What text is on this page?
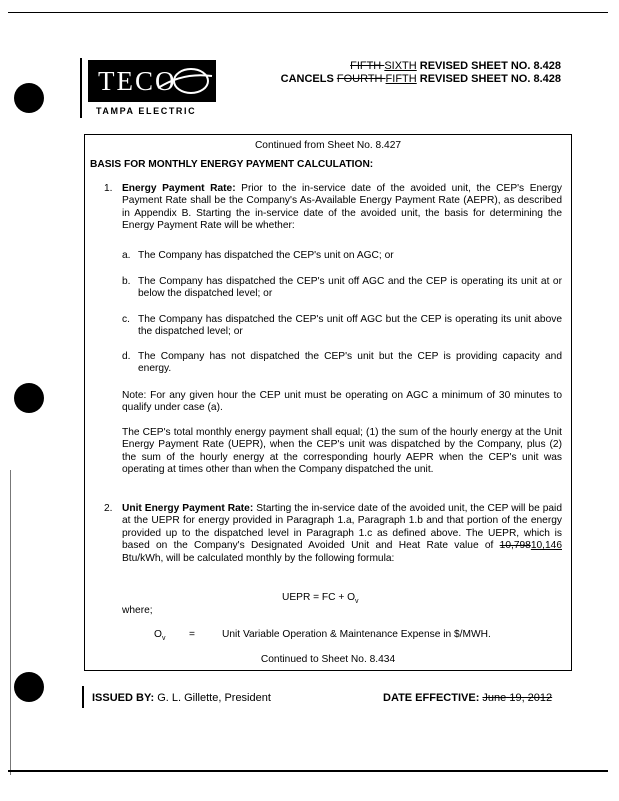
TECO
TAMPA ELECTRIC
FIFTH SIXTH REVISED SHEET NO. 8.428
CANCELS FOURTH FIFTH REVISED SHEET NO. 8.428
Continued from Sheet No. 8.427
BASIS FOR MONTHLY ENERGY PAYMENT CALCULATION:
1. Energy Payment Rate: Prior to the in-service date of the avoided unit, the CEP's Energy Payment Rate shall be the Company's As-Available Energy Payment Rate (AEPR), as described in Appendix B. Starting the in-service date of the avoided unit, the basis for determining the Energy Payment Rate will be whether:
a. The Company has dispatched the CEP's unit on AGC; or
b. The Company has dispatched the CEP's unit off AGC and the CEP is operating its unit at or below the dispatched level; or
c. The Company has dispatched the CEP's unit off AGC but the CEP is operating its unit above the dispatched level; or
d. The Company has not dispatched the CEP's unit but the CEP is providing capacity and energy.
Note: For any given hour the CEP unit must be operating on AGC a minimum of 30 minutes to qualify under case (a).
The CEP's total monthly energy payment shall equal; (1) the sum of the hourly energy at the Unit Energy Payment Rate (UEPR), when the CEP's unit was dispatched by the Company, plus (2) the sum of the hourly energy at the corresponding hourly AEPR when the CEP's unit was operating at times other than when the Company dispatched the unit.
2. Unit Energy Payment Rate: Starting the in-service date of the avoided unit, the CEP will be paid at the UEPR for energy provided in Paragraph 1.a, Paragraph 1.b and that portion of the energy provided up to the dispatched level in Paragraph 1.c as defined above. The UEPR, which is based on the Company's Designated Avoided Unit and Heat Rate value of 10,79810,146 Btu/kWh, will be calculated monthly by the following formula:
UEPR = FC + $O_v$
where;
$O_v$ =	Unit Variable Operation & Maintenance Expense in $/MWH.
Continued to Sheet No. 8.434
ISSUED BY: G. L. Gillette, President	DATE EFFECTIVE: June 19, 2012
